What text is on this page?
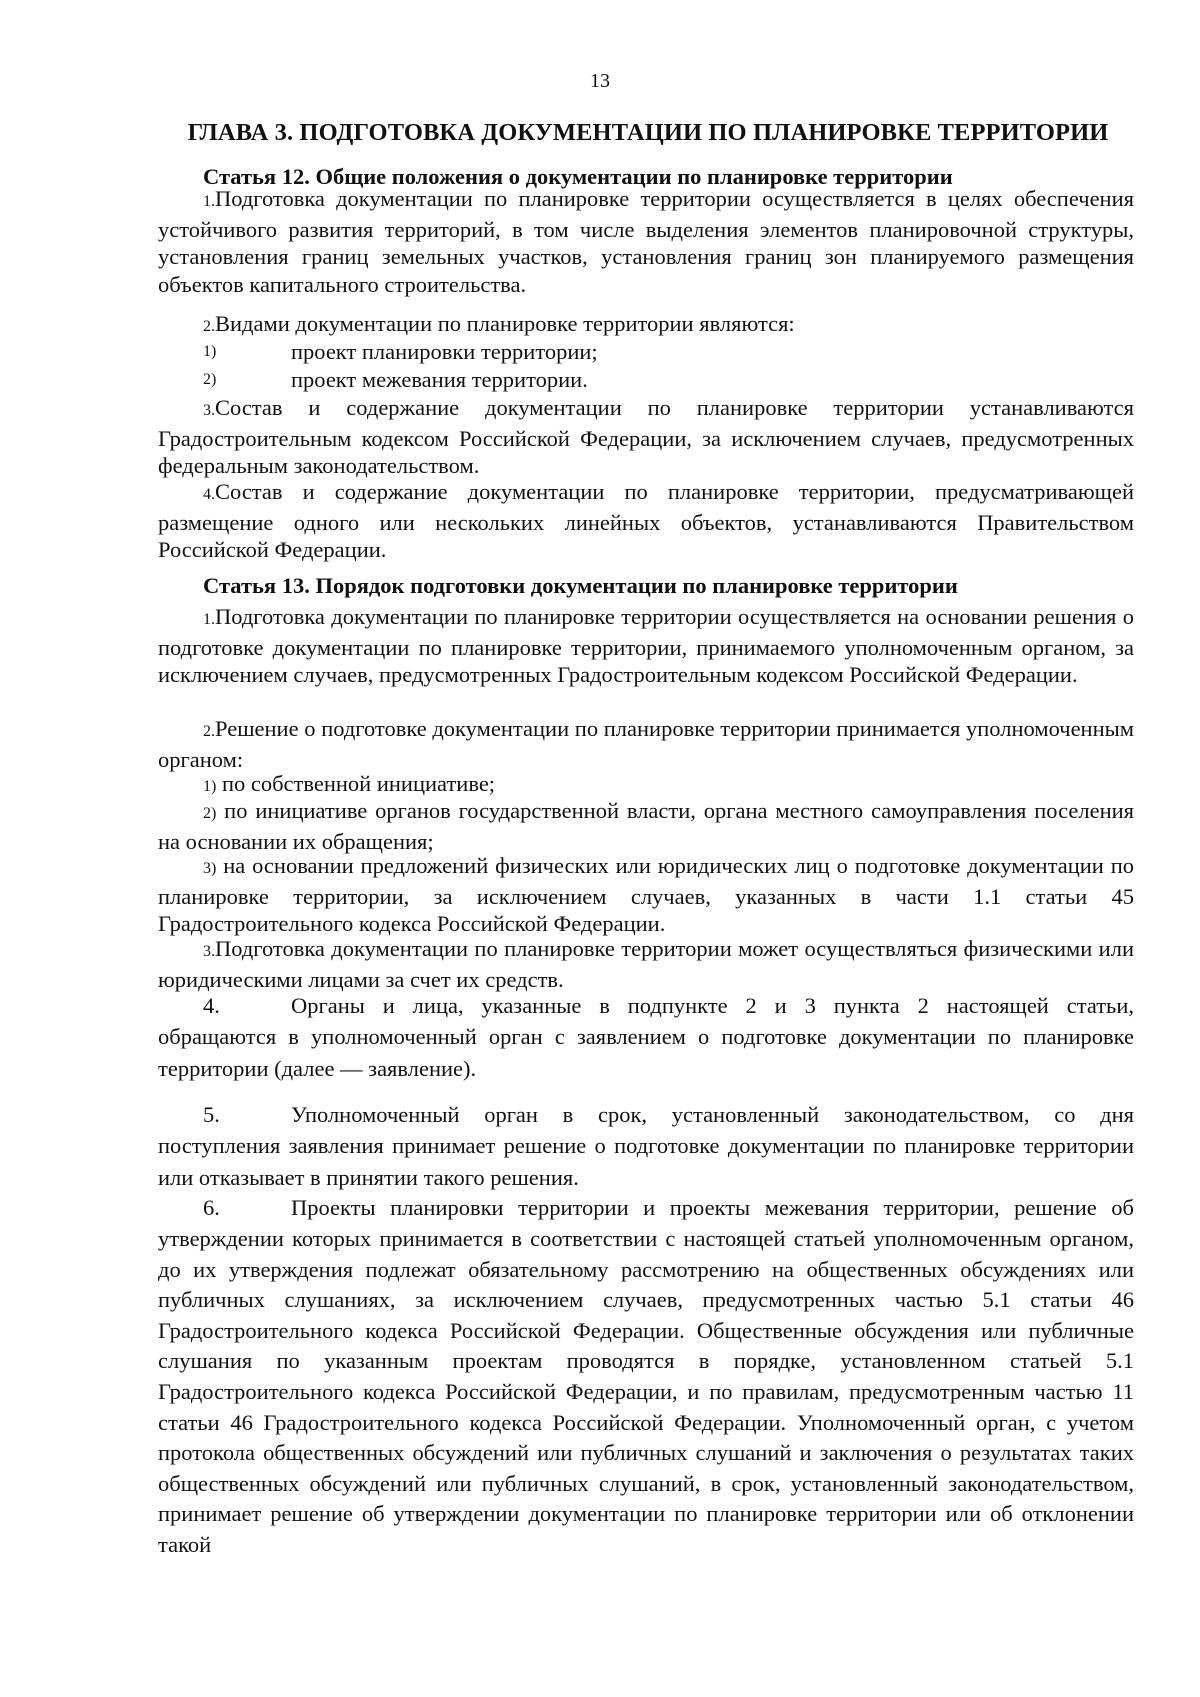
13
ГЛАВА 3. ПОДГОТОВКА ДОКУМЕНТАЦИИ ПО ПЛАНИРОВКЕ ТЕРРИТОРИИ
Статья 12. Общие положения о документации по планировке территории
1.Подготовка документации по планировке территории осуществляется в целях обеспечения устойчивого развития территорий, в том числе выделения элементов планировочной структуры, установления границ земельных участков, установления границ зон планируемого размещения объектов капитального строительства.
2.Видами документации по планировке территории являются:
1)	проект планировки территории;
2)	проект межевания территории.
3.Состав и содержание документации по планировке территории устанавливаются Градостроительным кодексом Российской Федерации, за исключением случаев, предусмотренных федеральным законодательством.
4.Состав и содержание документации по планировке территории, предусматривающей размещение одного или нескольких линейных объектов, устанавливаются Правительством Российской Федерации.
Статья 13. Порядок подготовки документации по планировке территории
1.Подготовка документации по планировке территории осуществляется на основании решения о подготовке документации по планировке территории, принимаемого уполномоченным органом, за исключением случаев, предусмотренных Градостроительным кодексом Российской Федерации.
2.Решение о подготовке документации по планировке территории принимается уполномоченным органом:
1) по собственной инициативе;
2) по инициативе органов государственной власти, органа местного самоуправления поселения на основании их обращения;
3) на основании предложений физических или юридических лиц о подготовке документации по планировке территории, за исключением случаев, указанных в части 1.1 статьи 45 Градостроительного кодекса Российской Федерации.
3.Подготовка документации по планировке территории может осуществляться физическими или юридическими лицами за счет их средств.
4.	Органы и лица, указанные в подпункте 2 и 3 пункта 2 настоящей статьи,
обращаются в уполномоченный орган с заявлением о подготовке документации по планировке территории (далее — заявление).
5.	Уполномоченный орган в срок, установленный законодательством, со дня
поступления заявления принимает решение о подготовке документации по планировке территории или отказывает в принятии такого решения.
6.	Проекты планировки территории и проекты межевания территории, решение об
утверждении которых принимается в соответствии с настоящей статьей уполномоченным органом, до их утверждения подлежат обязательному рассмотрению на общественных обсуждениях или публичных слушаниях, за исключением случаев, предусмотренных частью 5.1 статьи 46 Градостроительного кодекса Российской Федерации. Общественные обсуждения или публичные слушания по указанным проектам проводятся в порядке, установленном статьей 5.1 Градостроительного кодекса Российской Федерации, и по правилам, предусмотренным частью 11 статьи 46 Градостроительного кодекса Российской Федерации. Уполномоченный орган, с учетом протокола общественных обсуждений или публичных слушаний и заключения о результатах таких общественных обсуждений или публичных слушаний, в срок, установленный законодательством, принимает решение об утверждении документации по планировке территории или об отклонении такой
